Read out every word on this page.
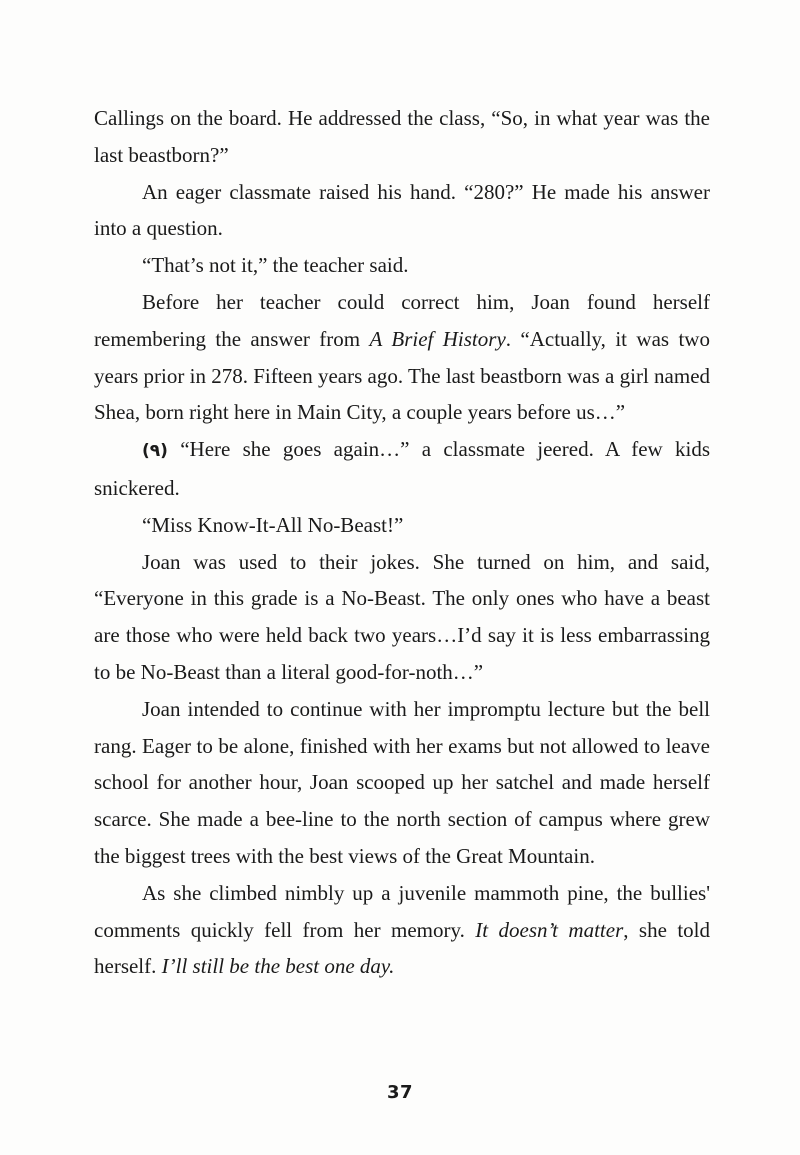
Callings on the board. He addressed the class, “So, in what year was the last beastborn?”

An eager classmate raised his hand. “280?” He made his answer into a question.

“That’s not it,” the teacher said.

Before her teacher could correct him, Joan found herself remembering the answer from A Brief History. “Actually, it was two years prior in 278. Fifteen years ago. The last beastborn was a girl named Shea, born right here in Main City, a couple years before us…”

(٩) “Here she goes again…” a classmate jeered. A few kids snickered.

“Miss Know-It-All No-Beast!”

Joan was used to their jokes. She turned on him, and said, “Everyone in this grade is a No-Beast. The only ones who have a beast are those who were held back two years…I’d say it is less embarrassing to be No-Beast than a literal good-for-noth…”

Joan intended to continue with her impromptu lecture but the bell rang. Eager to be alone, finished with her exams but not allowed to leave school for another hour, Joan scooped up her satchel and made herself scarce. She made a bee-line to the north section of campus where grew the biggest trees with the best views of the Great Mountain.

As she climbed nimbly up a juvenile mammoth pine, the bullies' comments quickly fell from her memory. It doesn’t matter, she told herself. I’ll still be the best one day.

37
